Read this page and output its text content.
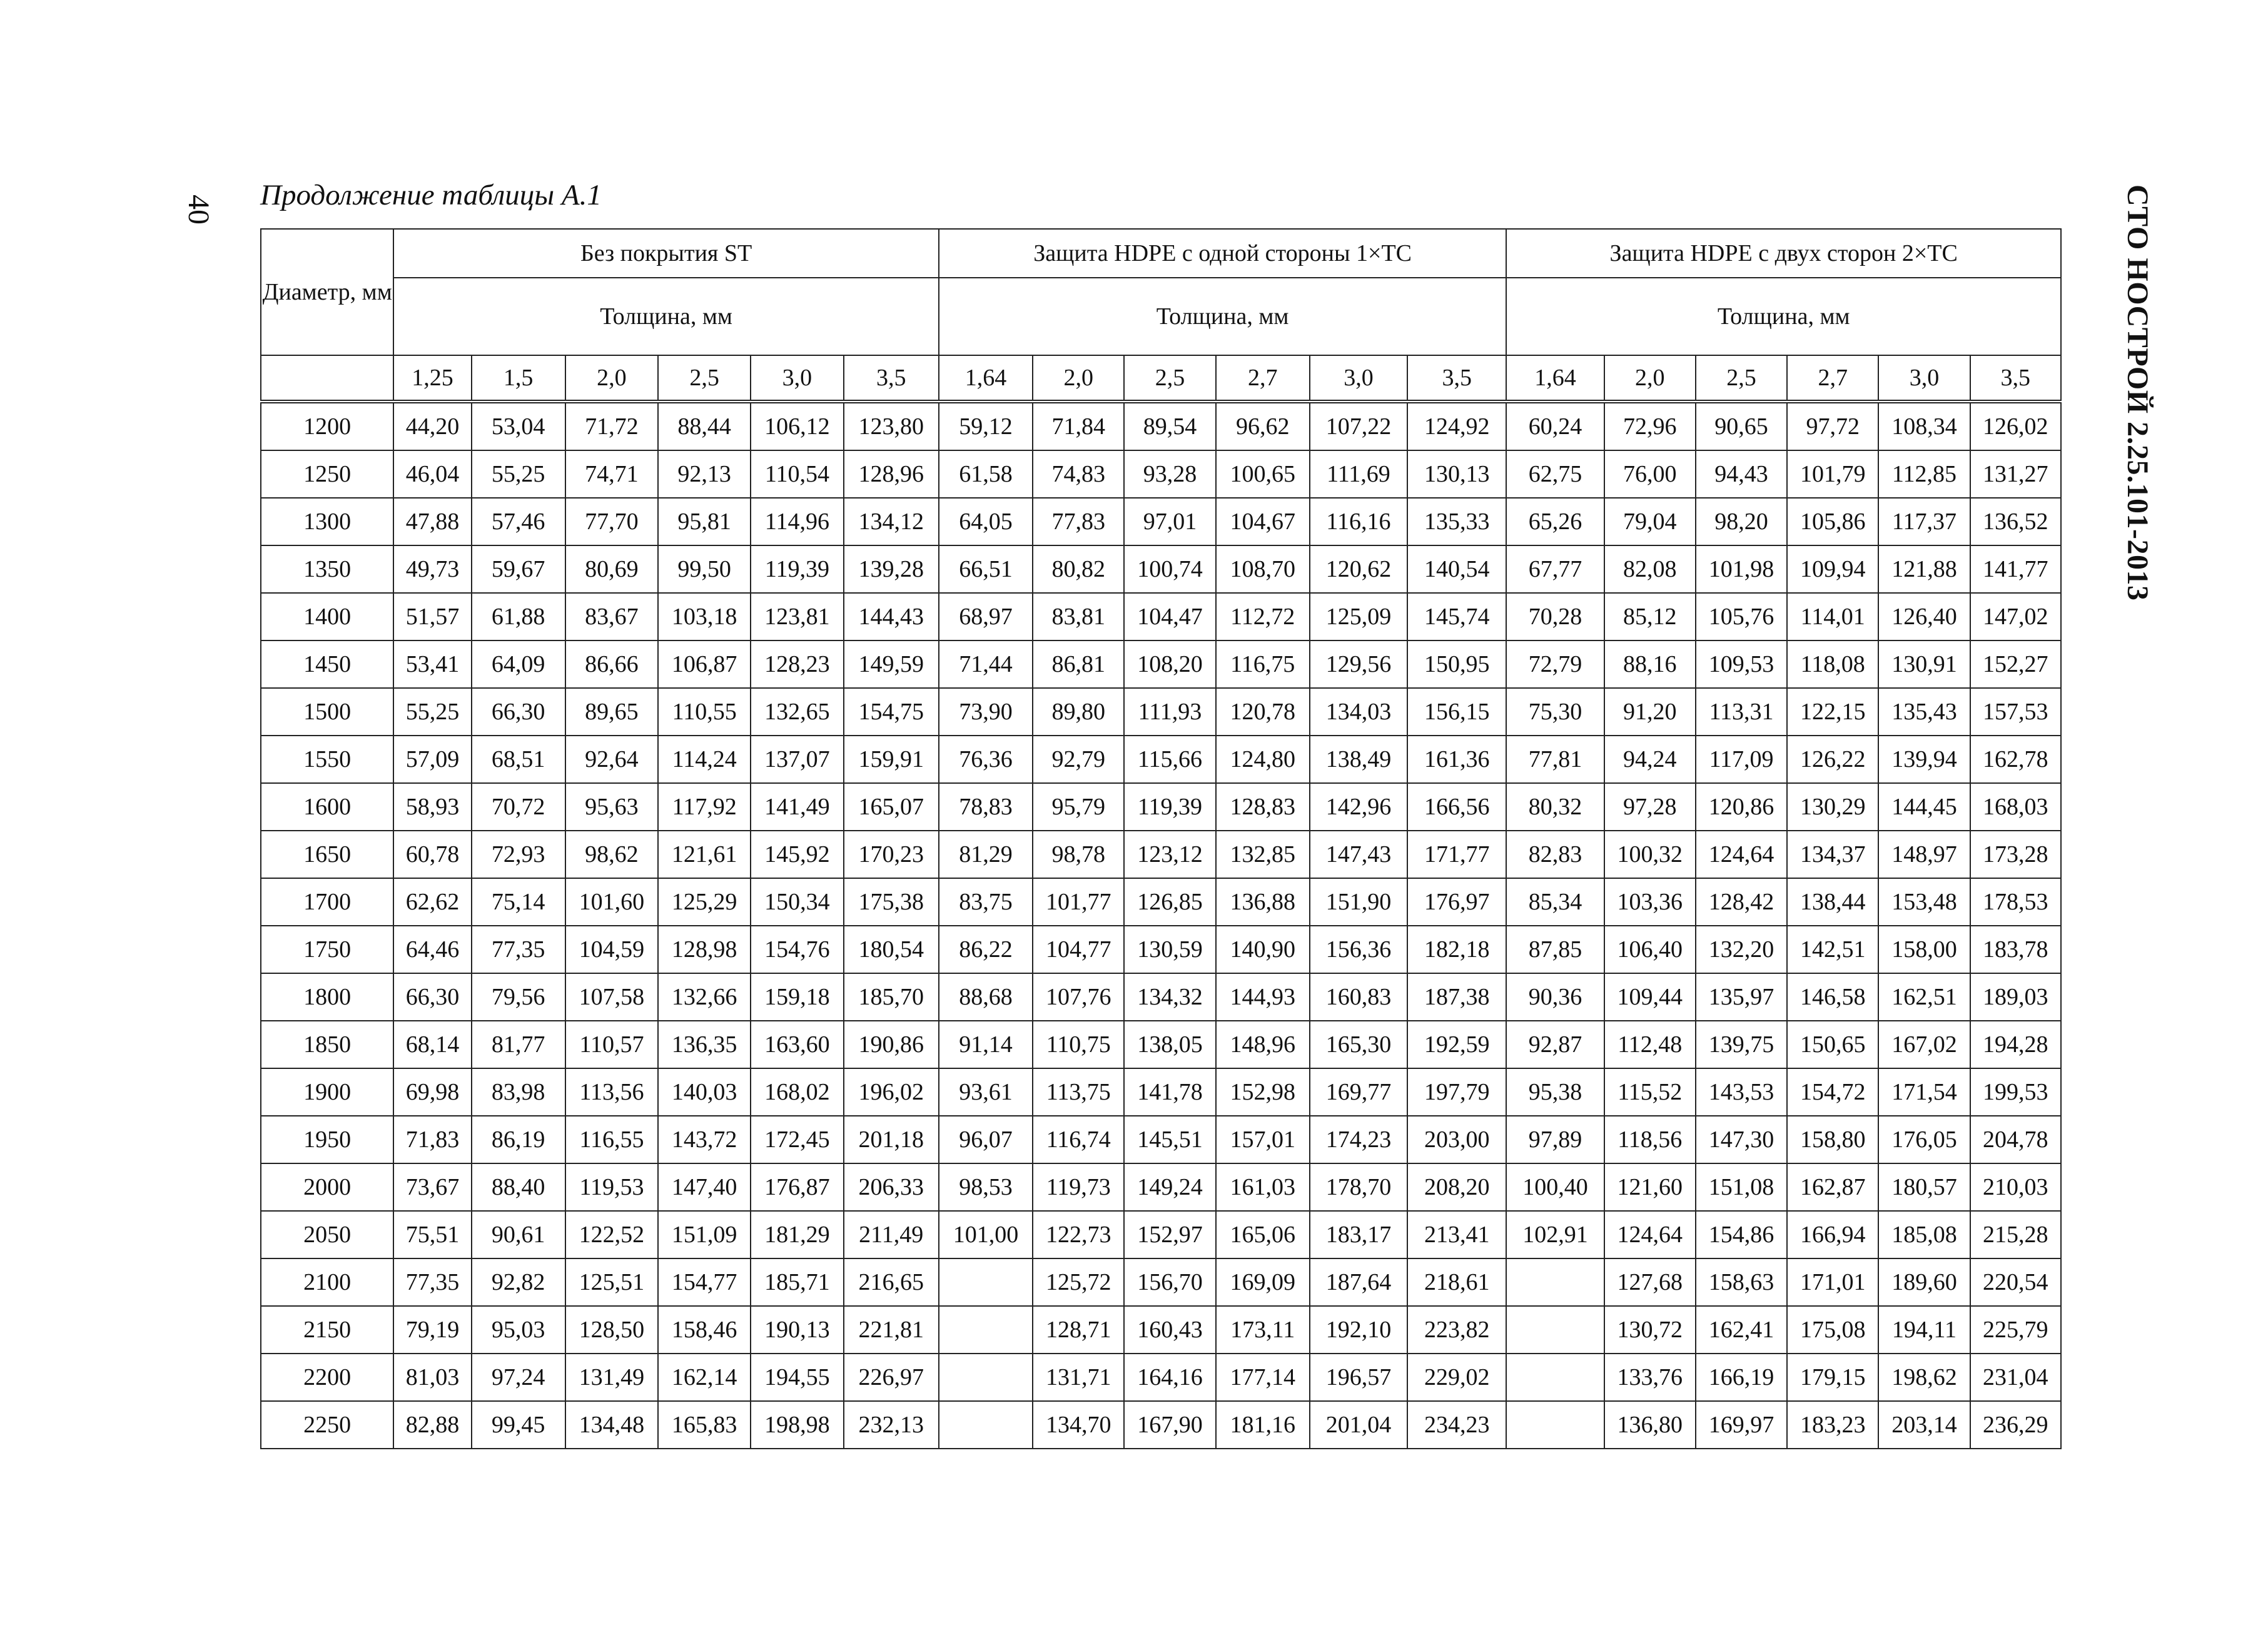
40	СТО НОСТРОЙ 2.25.101-2013
Продолжение таблицы А.1
Диаметр, мм	Без покрытия ST						Защита HDPE с одной стороны 1×TC						Защита HDPE с двух сторон 2×TC					
	Толщина, мм						Толщина, мм						Толщина, мм					
	1,25	1,5	2,0	2,5	3,0	3,5	1,64	2,0	2,5	2,7	3,0	3,5	1,64	2,0	2,5	2,7	3,0	3,5
1200	44,20	53,04	71,72	88,44	106,12	123,80	59,12	71,84	89,54	96,62	107,22	124,92	60,24	72,96	90,65	97,72	108,34	126,02
1250	46,04	55,25	74,71	92,13	110,54	128,96	61,58	74,83	93,28	100,65	111,69	130,13	62,75	76,00	94,43	101,79	112,85	131,27
1300	47,88	57,46	77,70	95,81	114,96	134,12	64,05	77,83	97,01	104,67	116,16	135,33	65,26	79,04	98,20	105,86	117,37	136,52
1350	49,73	59,67	80,69	99,50	119,39	139,28	66,51	80,82	100,74	108,70	120,62	140,54	67,77	82,08	101,98	109,94	121,88	141,77
1400	51,57	61,88	83,67	103,18	123,81	144,43	68,97	83,81	104,47	112,72	125,09	145,74	70,28	85,12	105,76	114,01	126,40	147,02
1450	53,41	64,09	86,66	106,87	128,23	149,59	71,44	86,81	108,20	116,75	129,56	150,95	72,79	88,16	109,53	118,08	130,91	152,27
1500	55,25	66,30	89,65	110,55	132,65	154,75	73,90	89,80	111,93	120,78	134,03	156,15	75,30	91,20	113,31	122,15	135,43	157,53
1550	57,09	68,51	92,64	114,24	137,07	159,91	76,36	92,79	115,66	124,80	138,49	161,36	77,81	94,24	117,09	126,22	139,94	162,78
1600	58,93	70,72	95,63	117,92	141,49	165,07	78,83	95,79	119,39	128,83	142,96	166,56	80,32	97,28	120,86	130,29	144,45	168,03
1650	60,78	72,93	98,62	121,61	145,92	170,23	81,29	98,78	123,12	132,85	147,43	171,77	82,83	100,32	124,64	134,37	148,97	173,28
1700	62,62	75,14	101,60	125,29	150,34	175,38	83,75	101,77	126,85	136,88	151,90	176,97	85,34	103,36	128,42	138,44	153,48	178,53
1750	64,46	77,35	104,59	128,98	154,76	180,54	86,22	104,77	130,59	140,90	156,36	182,18	87,85	106,40	132,20	142,51	158,00	183,78
1800	66,30	79,56	107,58	132,66	159,18	185,70	88,68	107,76	134,32	144,93	160,83	187,38	90,36	109,44	135,97	146,58	162,51	189,03
1850	68,14	81,77	110,57	136,35	163,60	190,86	91,14	110,75	138,05	148,96	165,30	192,59	92,87	112,48	139,75	150,65	167,02	194,28
1900	69,98	83,98	113,56	140,03	168,02	196,02	93,61	113,75	141,78	152,98	169,77	197,79	95,38	115,52	143,53	154,72	171,54	199,53
1950	71,83	86,19	116,55	143,72	172,45	201,18	96,07	116,74	145,51	157,01	174,23	203,00	97,89	118,56	147,30	158,80	176,05	204,78
2000	73,67	88,40	119,53	147,40	176,87	206,33	98,53	119,73	149,24	161,03	178,70	208,20	100,40	121,60	151,08	162,87	180,57	210,03
2050	75,51	90,61	122,52	151,09	181,29	211,49	101,00	122,73	152,97	165,06	183,17	213,41	102,91	124,64	154,86	166,94	185,08	215,28
2100	77,35	92,82	125,51	154,77	185,71	216,65		125,72	156,70	169,09	187,64	218,61		127,68	158,63	171,01	189,60	220,54
2150	79,19	95,03	128,50	158,46	190,13	221,81		128,71	160,43	173,11	192,10	223,82		130,72	162,41	175,08	194,11	225,79
2200	81,03	97,24	131,49	162,14	194,55	226,97		131,71	164,16	177,14	196,57	229,02		133,76	166,19	179,15	198,62	231,04
2250	82,88	99,45	134,48	165,83	198,98	232,13		134,70	167,90	181,16	201,04	234,23		136,80	169,97	183,23	203,14	236,29
